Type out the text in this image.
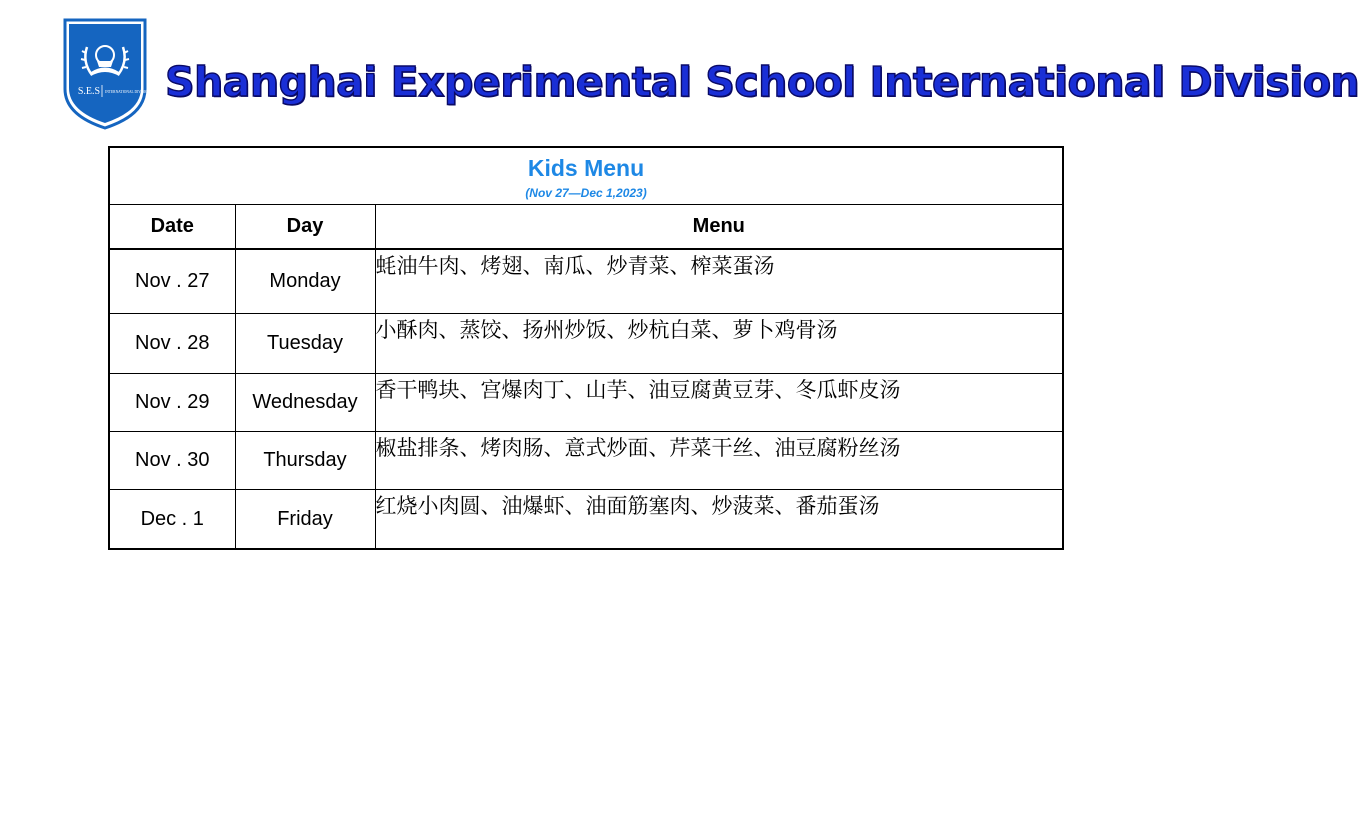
S.E.S INTERNATIONAL DIVISION Shanghai Experimental School International Division
Kids Menu
(Nov 27—Dec 1,2023)		

Date	Day	Menu
Nov . 27	Monday	蚝油牛肉、烤翅、南瓜、炒青菜、榨菜蛋汤
Nov . 28	Tuesday	小酥肉、蒸饺、扬州炒饭、炒杭白菜、萝卜鸡骨汤
Nov . 29	Wednesday	香干鸭块、宫爆肉丁、山芋、油豆腐黄豆芽、冬瓜虾皮汤
Nov . 30	Thursday	椒盐排条、烤肉肠、意式炒面、芹菜干丝、油豆腐粉丝汤
Dec . 1	Friday	红烧小肉圆、油爆虾、油面筋塞肉、炒菠菜、番茄蛋汤
